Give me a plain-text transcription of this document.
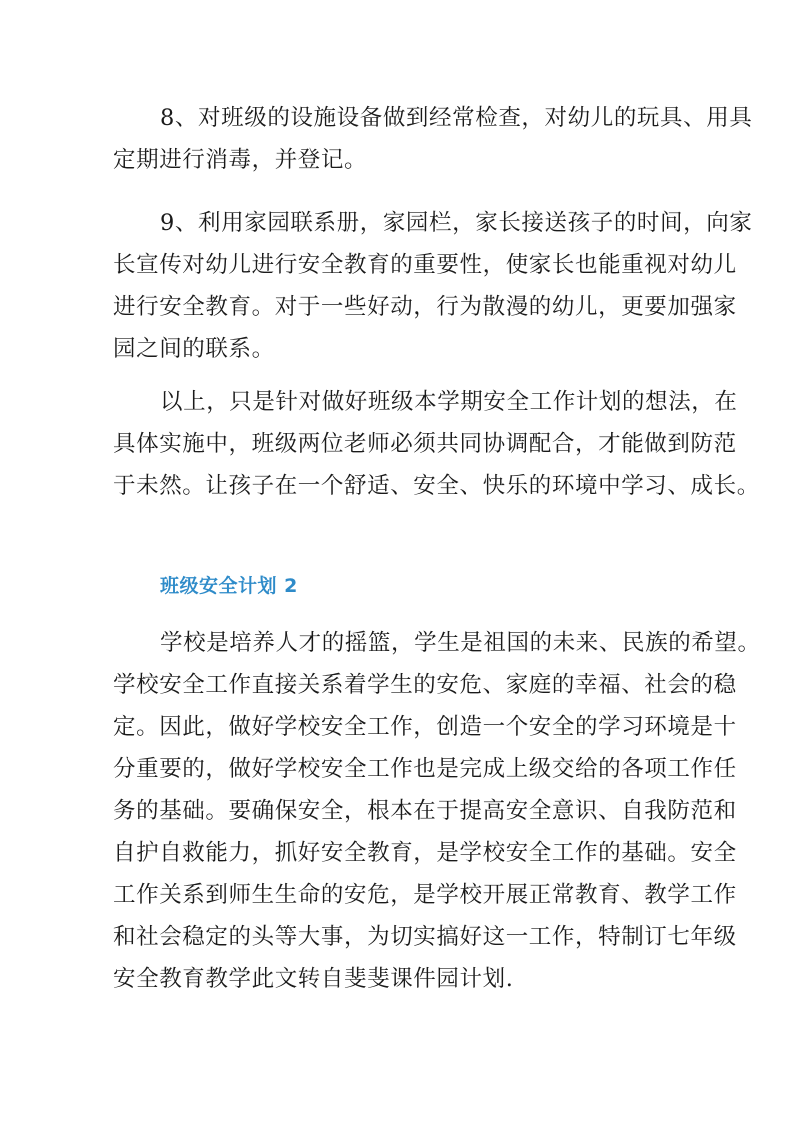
8、对班级的设施设备做到经常检查，对幼儿的玩具、用具
定期进行消毒，并登记。
9、利用家园联系册，家园栏，家长接送孩子的时间，向家
长宣传对幼儿进行安全教育的重要性，使家长也能重视对幼儿
进行安全教育。对于一些好动，行为散漫的幼儿，更要加强家
园之间的联系。
以上，只是针对做好班级本学期安全工作计划的想法，在
具体实施中，班级两位老师必须共同协调配合，才能做到防范
于未然。让孩子在一个舒适、安全、快乐的环境中学习、成长。
班级安全计划 2
学校是培养人才的摇篮，学生是祖国的未来、民族的希望。
学校安全工作直接关系着学生的安危、家庭的幸福、社会的稳
定。因此，做好学校安全工作，创造一个安全的学习环境是十
分重要的，做好学校安全工作也是完成上级交给的各项工作任
务的基础。要确保安全，根本在于提高安全意识、自我防范和
自护自救能力，抓好安全教育，是学校安全工作的基础。安全
工作关系到师生生命的安危，是学校开展正常教育、教学工作
和社会稳定的头等大事，为切实搞好这一工作，特制订七年级
安全教育教学此文转自斐斐课件园计划.
